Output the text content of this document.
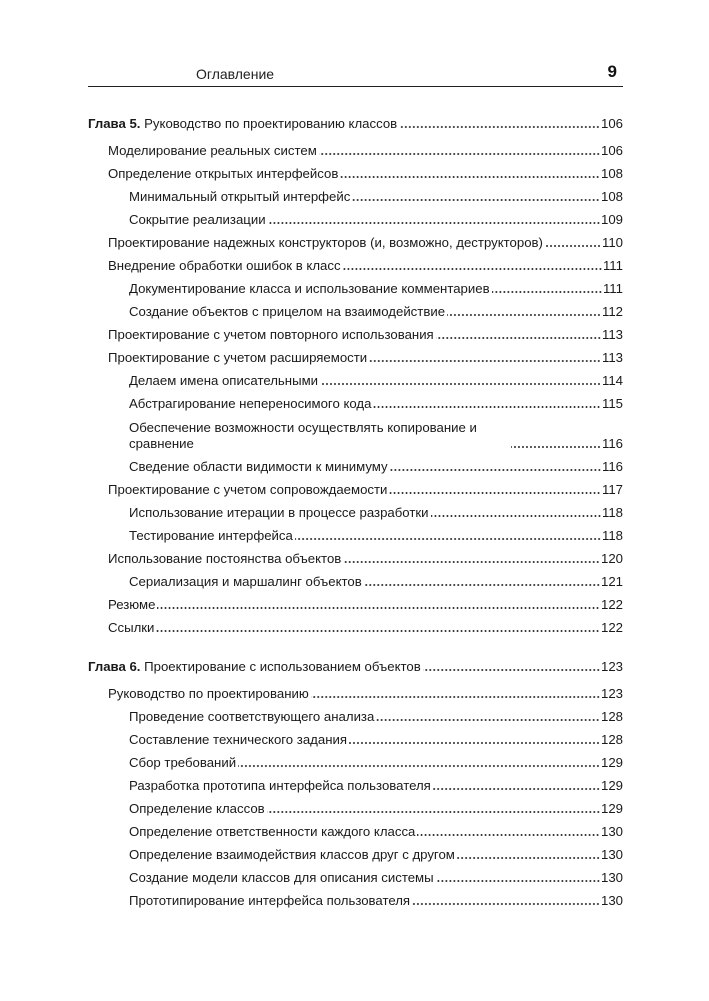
Оглавление	9
Глава 5. Руководство по проектированию классов	106
Моделирование реальных систем	106
Определение открытых интерфейсов	108
Минимальный открытый интерфейс	108
Сокрытие реализации	109
Проектирование надежных конструкторов (и, возможно, деструкторов)	110
Внедрение обработки ошибок в класс	111
Документирование класса и использование комментариев	111
Создание объектов с прицелом на взаимодействие	112
Проектирование с учетом повторного использования	113
Проектирование с учетом расширяемости	113
Делаем имена описательными	114
Абстрагирование непереносимого кода	115
Обеспечение возможности осуществлять копирование и сравнение	116
Сведение области видимости к минимуму	116
Проектирование с учетом сопровождаемости	117
Использование итерации в процессе разработки	118
Тестирование интерфейса	118
Использование постоянства объектов	120
Сериализация и маршалинг объектов	121
Резюме	122
Ссылки	122
Глава 6. Проектирование с использованием объектов	123
Руководство по проектированию	123
Проведение соответствующего анализа	128
Составление технического задания	128
Сбор требований	129
Разработка прототипа интерфейса пользователя	129
Определение классов	129
Определение ответственности каждого класса	130
Определение взаимодействия классов друг с другом	130
Создание модели классов для описания системы	130
Прототипирование интерфейса пользователя	130
